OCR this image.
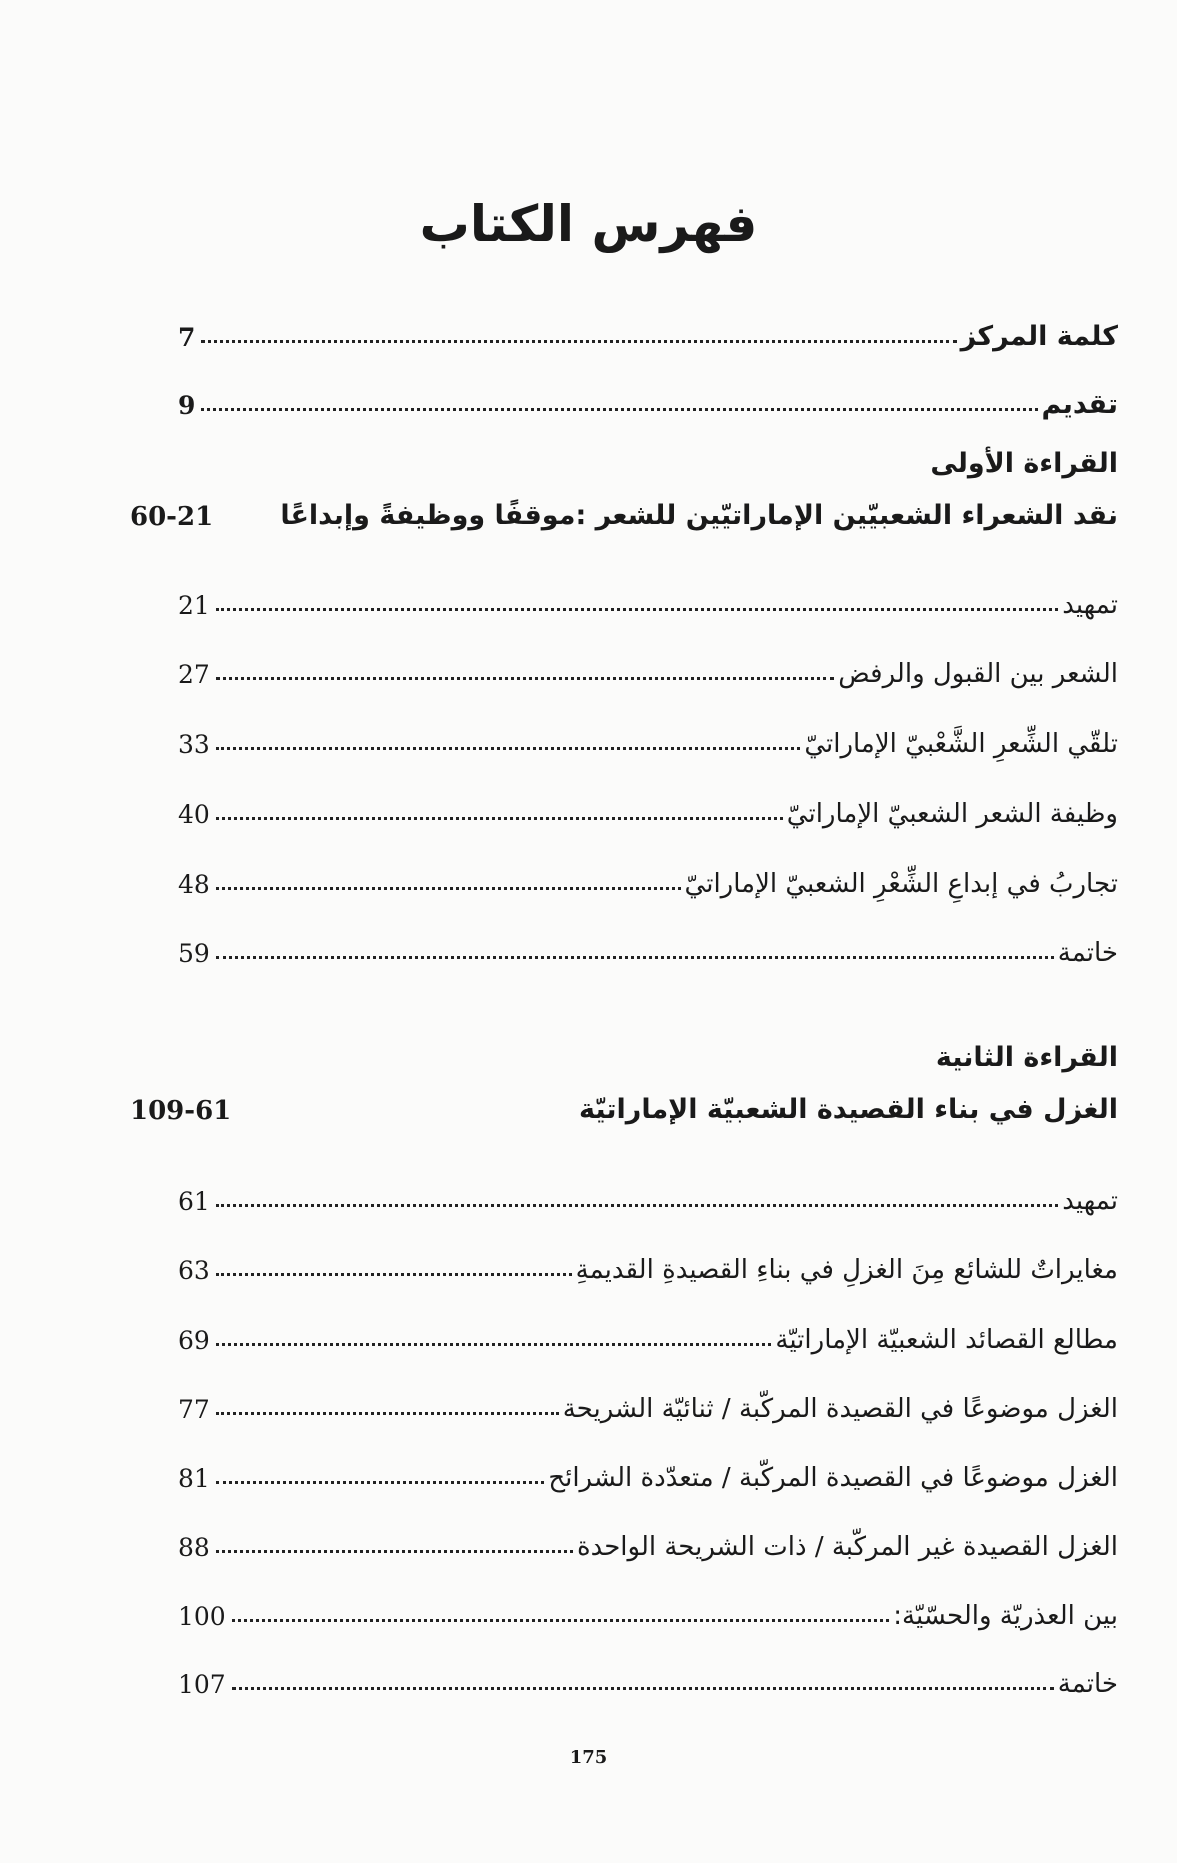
فهرس الكتاب
كلمة المركز
7
تقديم
9
القراءة الأولى
نقد الشعراء الشعبيّين الإماراتيّين للشعر :موقفًا ووظيفةً وإبداعًا
60-21
تمهيد
21
الشعر بين القبول والرفض
27
تلقّي الشِّعرِ الشَّعْبيّ الإماراتيّ
33
وظيفة الشعر الشعبيّ الإماراتيّ
40
تجاربُ في إبداعِ الشِّعْرِ الشعبيّ الإماراتيّ
48
خاتمة
59
القراءة الثانية
الغزل في بناء القصيدة الشعبيّة الإماراتيّة
109-61
تمهيد
61
مغايراتٌ للشائع مِنَ الغزلِ في بناءِ القصيدةِ القديمةِ
63
مطالع القصائد الشعبيّة الإماراتيّة
69
الغزل موضوعًا في القصيدة المركّبة / ثنائيّة الشريحة
77
الغزل موضوعًا في القصيدة المركّبة / متعدّدة الشرائح
81
الغزل القصيدة غير المركّبة / ذات الشريحة الواحدة
88
بين العذريّة والحسّيّة:
100
خاتمة
107
175
